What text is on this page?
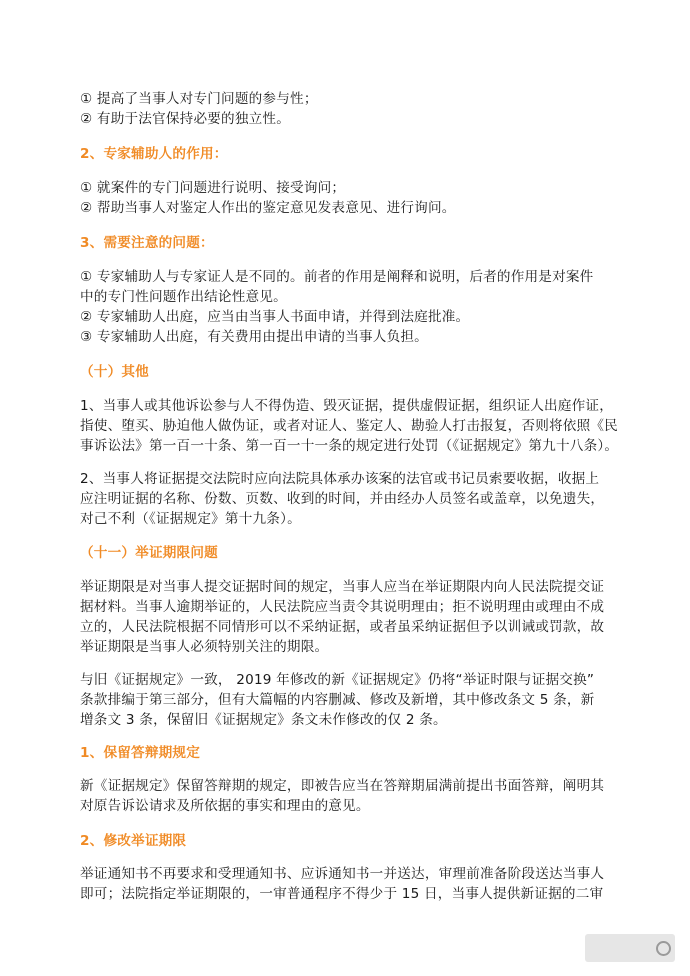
① 提高了当事人对专门问题的参与性；
② 有助于法官保持必要的独立性。
2、专家辅助人的作用：
① 就案件的专门问题进行说明、接受询问；
② 帮助当事人对鉴定人作出的鉴定意见发表意见、进行询问。
3、需要注意的问题：
① 专家辅助人与专家证人是不同的。前者的作用是阐释和说明，后者的作用是对案件
中的专门性问题作出结论性意见。
② 专家辅助人出庭，应当由当事人书面申请，并得到法庭批准。
③ 专家辅助人出庭，有关费用由提出申请的当事人负担。
（十）其他
1、当事人或其他诉讼参与人不得伪造、毁灭证据，提供虚假证据，组织证人出庭作证，
指使、堕买、胁迫他人做伪证，或者对证人、鉴定人、勘验人打击报复，否则将依照《民
事诉讼法》第一百一十条、第一百一十一条的规定进行处罚（《证据规定》第九十八条）。
2、当事人将证据提交法院时应向法院具体承办该案的法官或书记员索要收据，收据上
应注明证据的名称、份数、页数、收到的时间，并由经办人员签名或盖章，以免遗失，
对己不利（《证据规定》第十九条）。
（十一）举证期限问题
举证期限是对当事人提交证据时间的规定，当事人应当在举证期限内向人民法院提交证
据材料。当事人逾期举证的，人民法院应当责令其说明理由；拒不说明理由或理由不成
立的，人民法院根据不同情形可以不采纳证据，或者虽采纳证据但予以训诫或罚款，故
举证期限是当事人必须特别关注的期限。
与旧《证据规定》一致， 2019 年修改的新《证据规定》仍将“举证时限与证据交换”
条款排编于第三部分，但有大篇幅的内容删减、修改及新增，其中修改条文 5 条，新
增条文 3 条，保留旧《证据规定》条文未作修改的仅 2 条。
1、保留答辩期规定
新《证据规定》保留答辩期的规定，即被告应当在答辩期届满前提出书面答辩，阐明其
对原告诉讼请求及所依据的事实和理由的意见。
2、修改举证期限
举证通知书不再要求和受理通知书、应诉通知书一并送达，审理前准备阶段送达当事人
即可；法院指定举证期限的，一审普通程序不得少于 15 日，当事人提供新证据的二审
